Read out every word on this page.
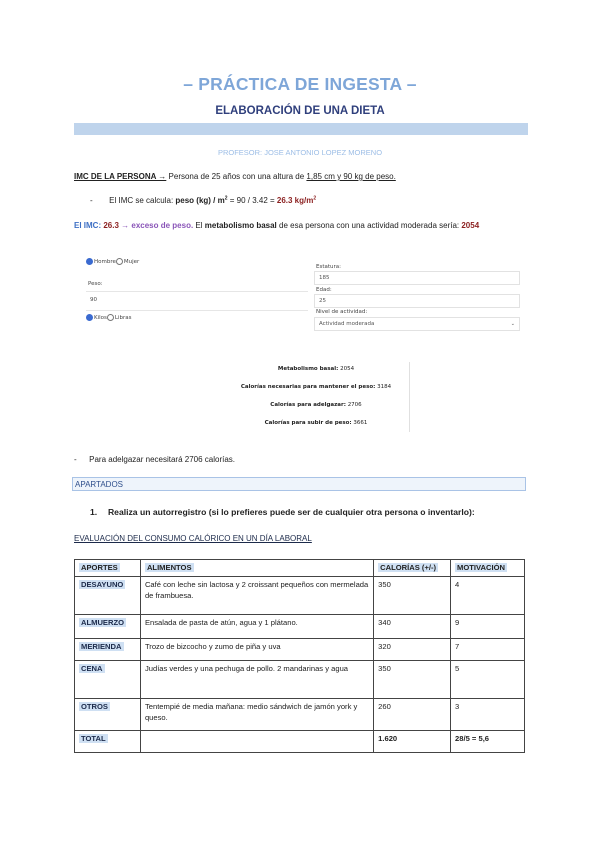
– PRÁCTICA DE INGESTA –
ELABORACIÓN DE UNA DIETA
PROFESOR: JOSE ANTONIO LOPEZ MORENO
IMC DE LA PERSONA → Persona de 25 años con una altura de 1,85 cm y 90 kg de peso.
- El IMC se calcula: peso $(kg) / m^2 = 90 / 3.42 = 26.3$ $kg/m^2$
El IMC: 26.3 → exceso de peso. El metabolismo basal de esa persona con una actividad moderada sería: 2054
Hombre Mujer
Peso:
90
Kilos Libras
Estatura:
185
Edad:
25
Nivel de actividad:
Actividad moderada	⌄
Metabolismo basal: 2054
Calorías necesarias para mantener el peso: 3184
Calorías para adelgazar: 2706
Calorías para subir de peso: 3661
- Para adelgazar necesitará 2706 calorías.
APARTADOS
1. Realiza un autorregistro (si lo prefieres puede ser de cualquier otra persona o inventarlo):
EVALUACIÓN DEL CONSUMO CALÓRICO EN UN DÍA LABORAL
APORTES	ALIMENTOS	CALORÍAS (+/-)	MOTIVACIÓN
DESAYUNO	Café con leche sin lactosa y 2 croissant pequeños con mermelada de frambuesa.	350	4
ALMUERZO	Ensalada de pasta de atún, agua y 1 plátano.	340	9
MERIENDA	Trozo de bizcocho y zumo de piña y uva	320	7
CENA	Judías verdes y una pechuga de pollo. 2 mandarinas y agua	350	5
OTROS	Tentempié de media mañana: medio sándwich de jamón york y queso.	260	3
TOTAL		1.620	28/5 = 5,6
